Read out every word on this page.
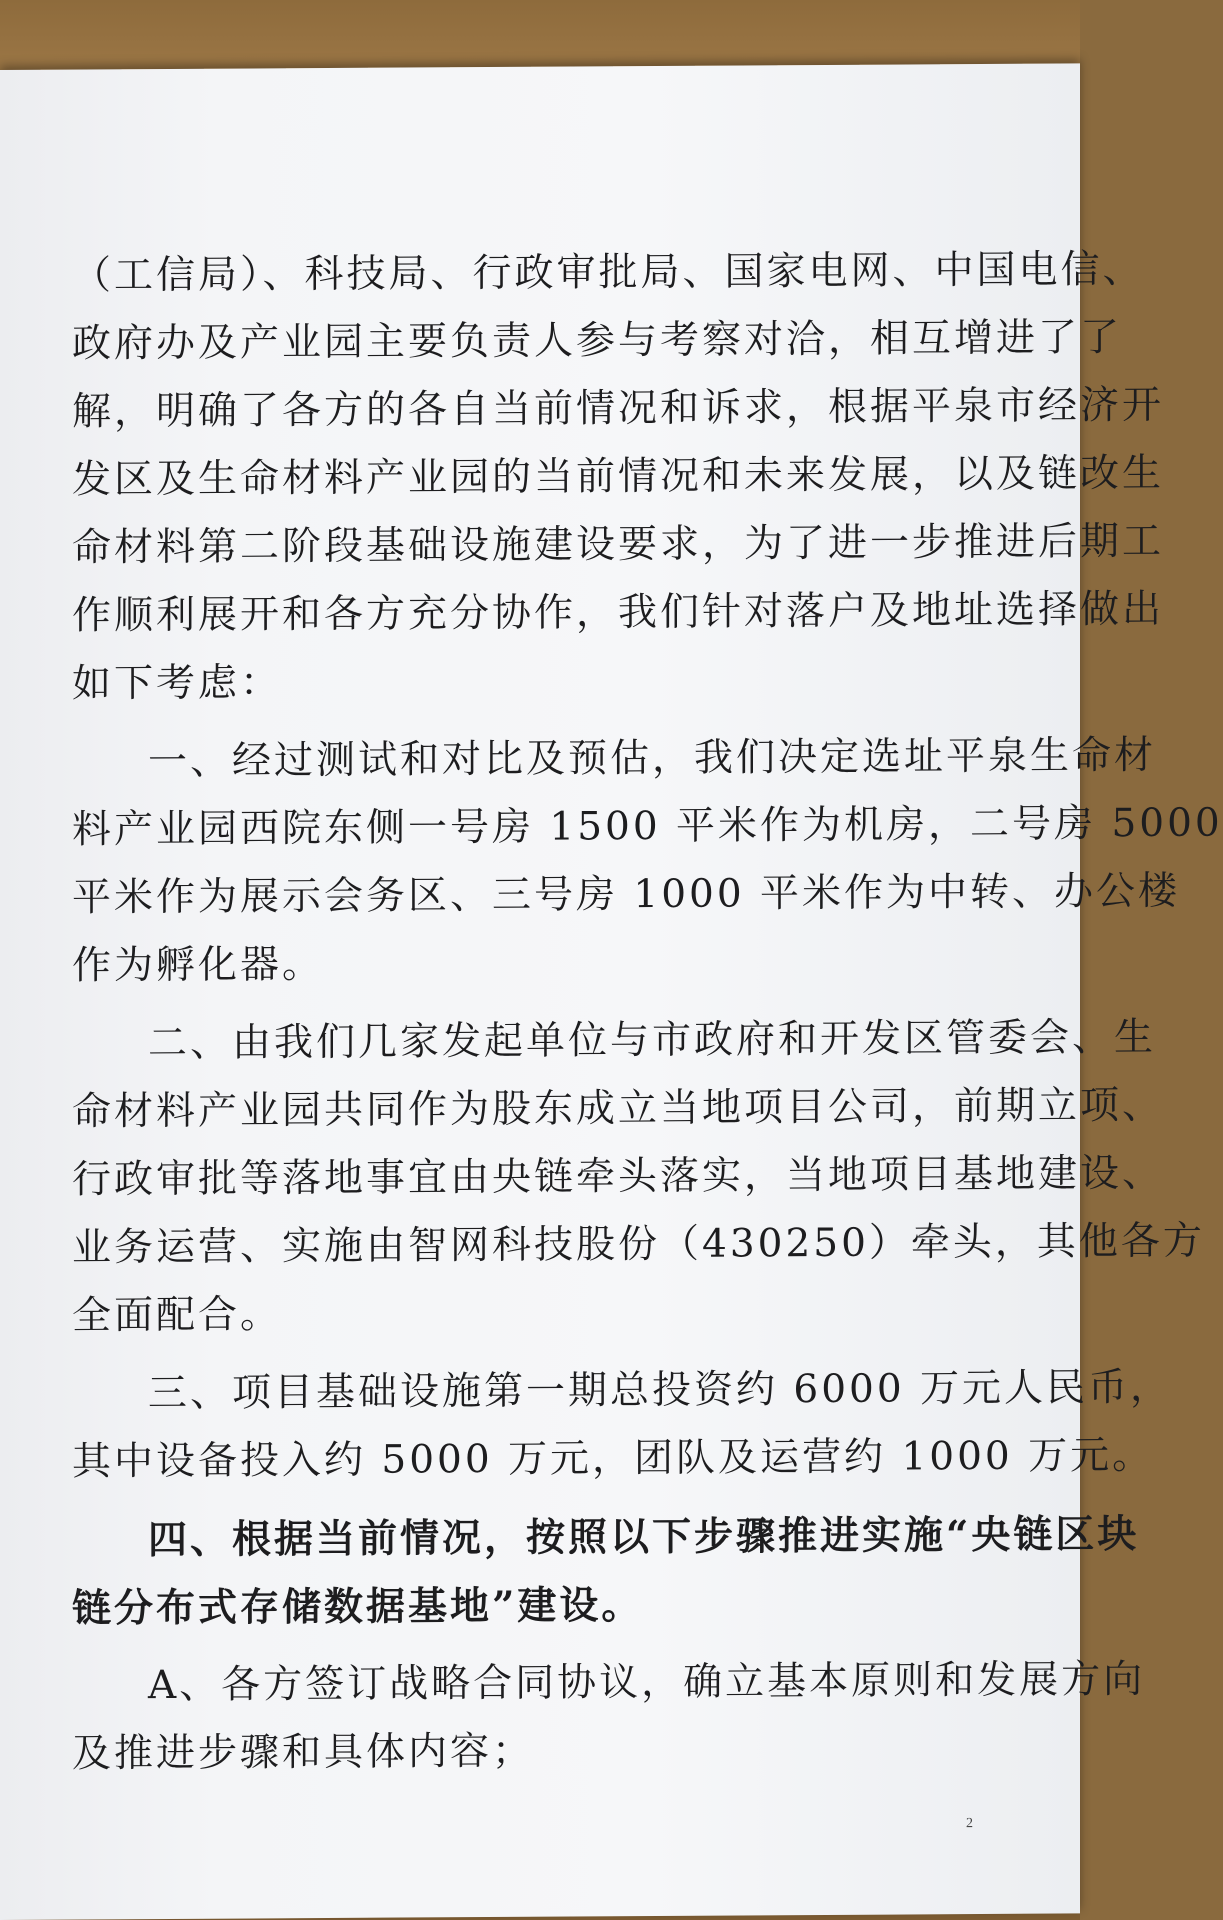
（工信局）、科技局、行政审批局、国家电网、中国电信、
政府办及产业园主要负责人参与考察对洽，相互增进了了
解，明确了各方的各自当前情况和诉求，根据平泉市经济开
发区及生命材料产业园的当前情况和未来发展，以及链改生
命材料第二阶段基础设施建设要求，为了进一步推进后期工
作顺利展开和各方充分协作，我们针对落户及地址选择做出
如下考虑：
一、经过测试和对比及预估，我们决定选址平泉生命材
料产业园西院东侧一号房 1500 平米作为机房，二号房 5000
平米作为展示会务区、三号房 1000 平米作为中转、办公楼
作为孵化器。
二、由我们几家发起单位与市政府和开发区管委会、生
命材料产业园共同作为股东成立当地项目公司，前期立项、
行政审批等落地事宜由央链牵头落实，当地项目基地建设、
业务运营、实施由智网科技股份（430250）牵头，其他各方
全面配合。
三、项目基础设施第一期总投资约 6000 万元人民币，
其中设备投入约 5000 万元，团队及运营约 1000 万元。
四、根据当前情况，按照以下步骤推进实施“央链区块
链分布式存储数据基地”建设。
A、各方签订战略合同协议，确立基本原则和发展方向
及推进步骤和具体内容；
2
